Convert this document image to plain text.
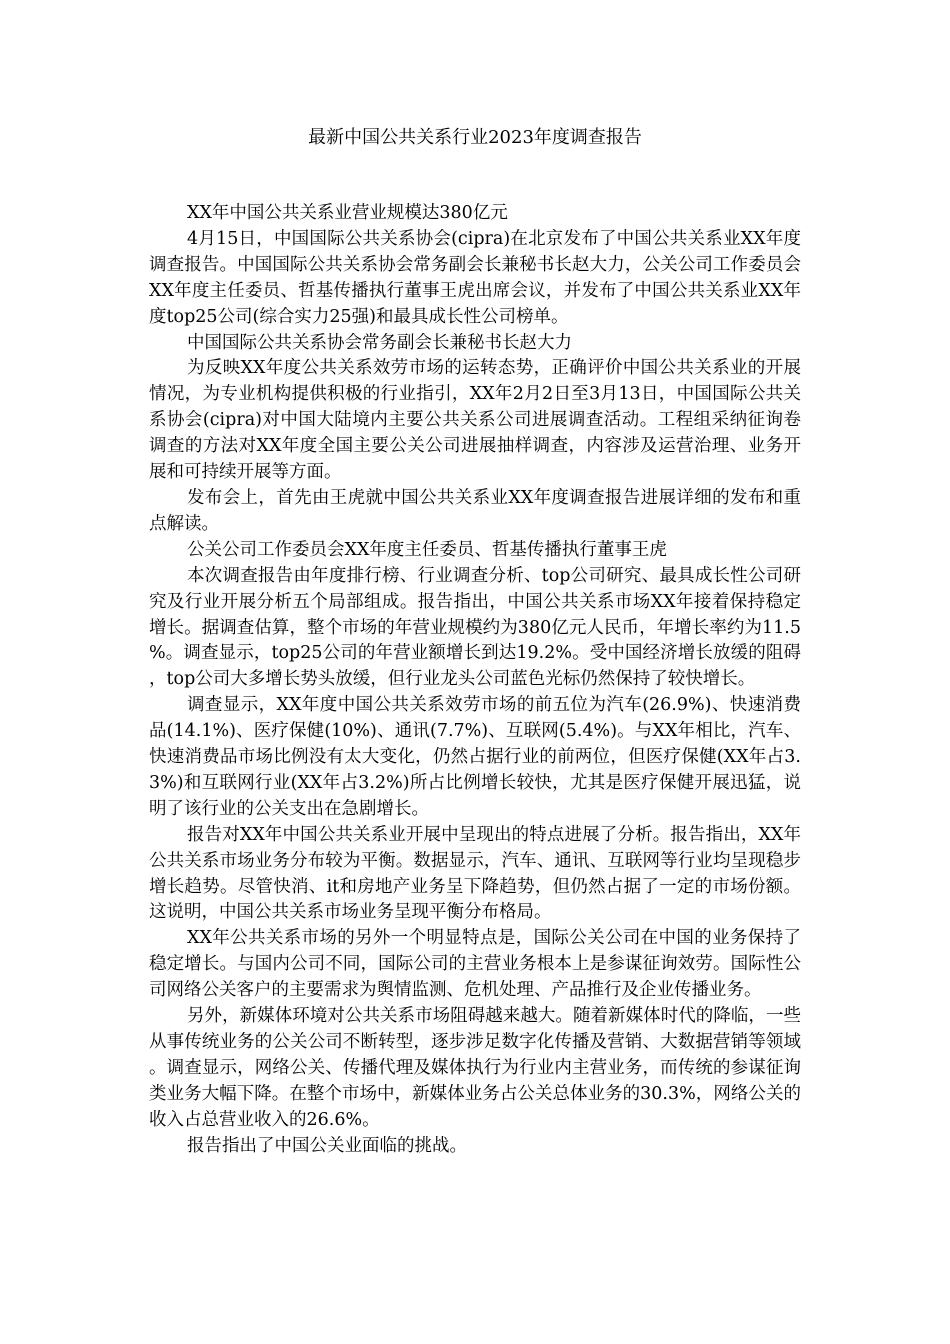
最新中国公共关系行业2023年度调查报告

XX年中国公共关系业营业规模达380亿元

4月15日，中国国际公共关系协会(cipra)在北京发布了中国公共关系业XX年度调查报告。中国国际公共关系协会常务副会长兼秘书长赵大力，公关公司工作委员会XX年度主任委员、哲基传播执行董事王虎出席会议，并发布了中国公共关系业XX年度top25公司(综合实力25强)和最具成长性公司榜单。

中国国际公共关系协会常务副会长兼秘书长赵大力

为反映XX年度公共关系效劳市场的运转态势，正确评价中国公共关系业的开展情况，为专业机构提供积极的行业指引，XX年2月2日至3月13日，中国国际公共关系协会(cipra)对中国大陆境内主要公共关系公司进展调查活动。工程组采纳征询卷调查的方法对XX年度全国主要公关公司进展抽样调查，内容涉及运营治理、业务开展和可持续开展等方面。

发布会上，首先由王虎就中国公共关系业XX年度调查报告进展详细的发布和重点解读。

公关公司工作委员会XX年度主任委员、哲基传播执行董事王虎

本次调查报告由年度排行榜、行业调查分析、top公司研究、最具成长性公司研究及行业开展分析五个局部组成。报告指出，中国公共关系市场XX年接着保持稳定增长。据调查估算，整个市场的年营业规模约为380亿元人民币，年增长率约为11.5%。调查显示，top25公司的年营业额增长到达19.2%。受中国经济增长放缓的阻碍，top公司大多增长势头放缓，但行业龙头公司蓝色光标仍然保持了较快增长。

调查显示，XX年度中国公共关系效劳市场的前五位为汽车(26.9%)、快速消费品(14.1%)、医疗保健(10%)、通讯(7.7%)、互联网(5.4%)。与XX年相比，汽车、快速消费品市场比例没有太大变化，仍然占据行业的前两位，但医疗保健(XX年占3.3%)和互联网行业(XX年占3.2%)所占比例增长较快，尤其是医疗保健开展迅猛，说明了该行业的公关支出在急剧增长。

报告对XX年中国公共关系业开展中呈现出的特点进展了分析。报告指出，XX年公共关系市场业务分布较为平衡。数据显示，汽车、通讯、互联网等行业均呈现稳步增长趋势。尽管快消、it和房地产业务呈下降趋势，但仍然占据了一定的市场份额。这说明，中国公共关系市场业务呈现平衡分布格局。

XX年公共关系市场的另外一个明显特点是，国际公关公司在中国的业务保持了稳定增长。与国内公司不同，国际公司的主营业务根本上是参谋征询效劳。国际性公司网络公关客户的主要需求为舆情监测、危机处理、产品推行及企业传播业务。

另外，新媒体环境对公共关系市场阻碍越来越大。随着新媒体时代的降临，一些从事传统业务的公关公司不断转型，逐步涉足数字化传播及营销、大数据营销等领域。调查显示，网络公关、传播代理及媒体执行为行业内主营业务，而传统的参谋征询类业务大幅下降。在整个市场中，新媒体业务占公关总体业务的30.3%，网络公关的收入占总营业收入的26.6%。

报告指出了中国公关业面临的挑战。
